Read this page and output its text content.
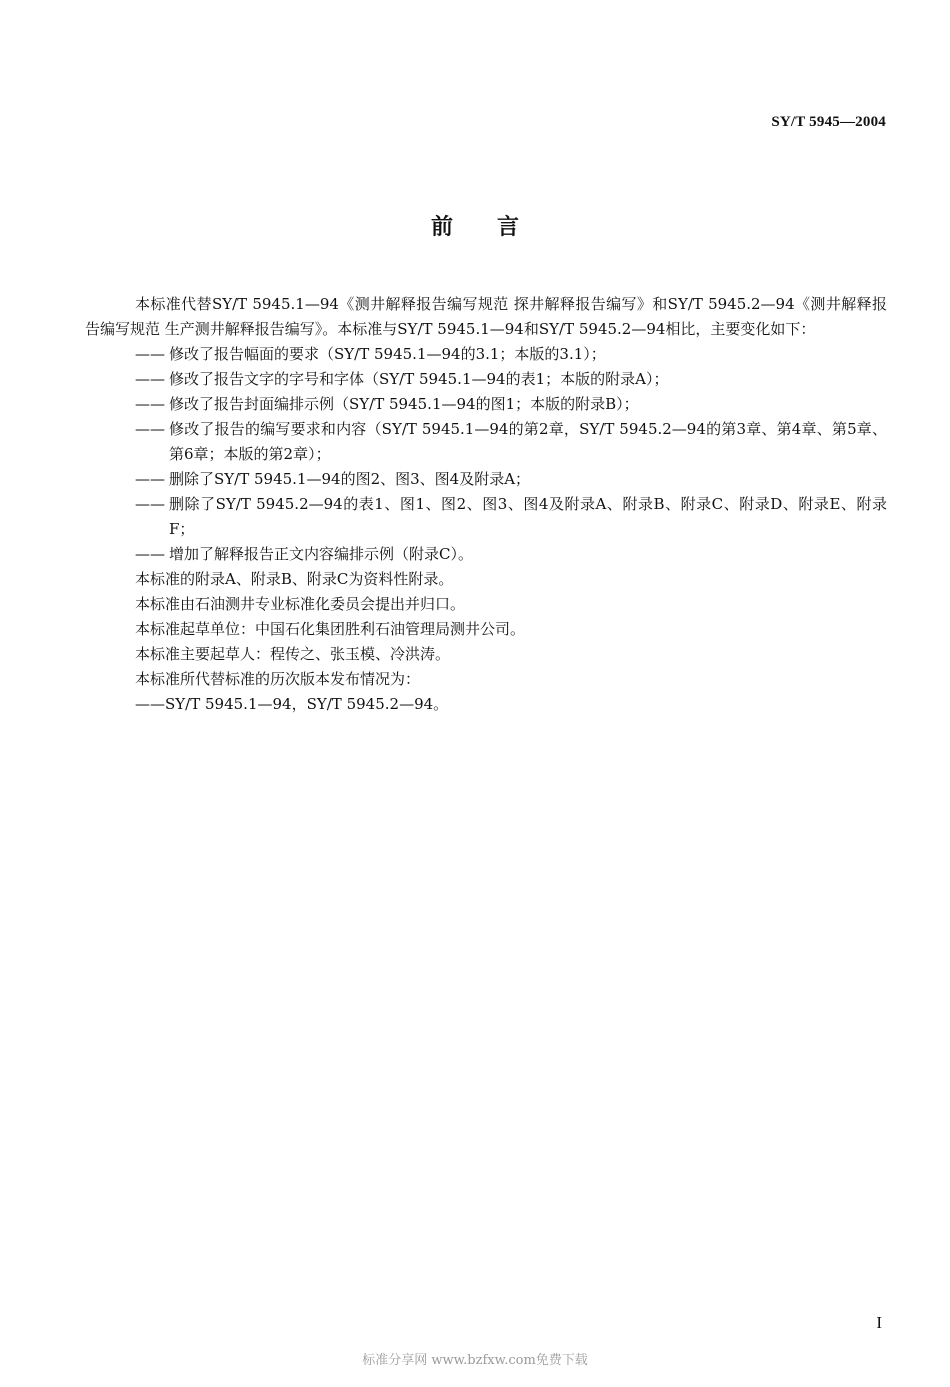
SY/T 5945—2004
前言

本标准代替SY/T 5945.1—94《测井解释报告编写规范 探井解释报告编写》和SY/T 5945.2—94《测井解释报告编写规范 生产测井解释报告编写》。本标准与SY/T 5945.1—94和SY/T 5945.2—94相比，主要变化如下：

—— 修改了报告幅面的要求（SY/T 5945.1—94的3.1；本版的3.1）；
—— 修改了报告文字的字号和字体（SY/T 5945.1—94的表1；本版的附录A）；
—— 修改了报告封面编排示例（SY/T 5945.1—94的图1；本版的附录B）；
—— 修改了报告的编写要求和内容（SY/T 5945.1—94的第2章，SY/T 5945.2—94的第3章、第4章、第5章、第6章；本版的第2章）；
—— 删除了SY/T 5945.1—94的图2、图3、图4及附录A；
—— 删除了SY/T 5945.2—94的表1、图1、图2、图3、图4及附录A、附录B、附录C、附录D、附录E、附录F；
—— 增加了解释报告正文内容编排示例（附录C）。

本标准的附录A、附录B、附录C为资料性附录。

本标准由石油测井专业标准化委员会提出并归口。

本标准起草单位：中国石化集团胜利石油管理局测井公司。

本标准主要起草人：程传之、张玉模、冷洪涛。

本标准所代替标准的历次版本发布情况为：

——SY/T 5945.1—94，SY/T 5945.2—94。

I
标准分享网 www.bzfxw.com免费下载
